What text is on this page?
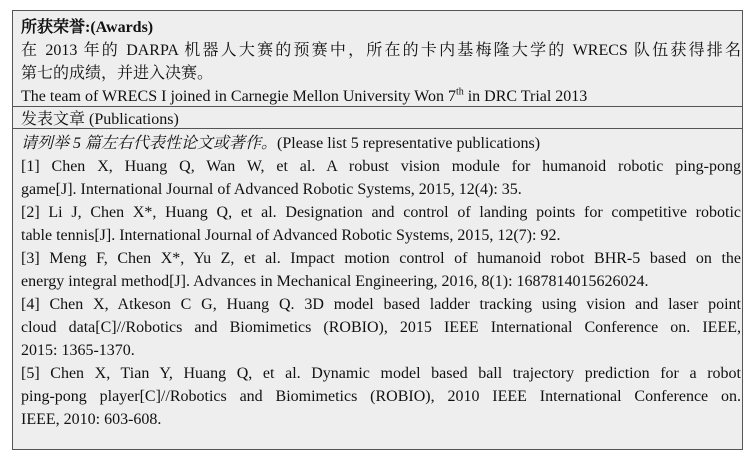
所获荣誉:(Awards)
在 2013 年的 DARPA 机器人大赛的预赛中，所在的卡内基梅隆大学的 WRECS 队伍获得排名
第七的成绩，并进入决赛。
The team of WRECS I joined in Carnegie Mellon University Won 7th in DRC Trial 2013
发表文章 (Publications)
请列举 5 篇左右代表性论文或著作。(Please list 5 representative publications)
[1] Chen X, Huang Q, Wan W, et al. A robust vision module for humanoid robotic ping-pong
game[J]. International Journal of Advanced Robotic Systems, 2015, 12(4): 35.
[2] Li J, Chen X*, Huang Q, et al. Designation and control of landing points for competitive robotic
table tennis[J]. International Journal of Advanced Robotic Systems, 2015, 12(7): 92.
[3] Meng F, Chen X*, Yu Z, et al. Impact motion control of humanoid robot BHR-5 based on the
energy integral method[J]. Advances in Mechanical Engineering, 2016, 8(1): 1687814015626024.
[4] Chen X, Atkeson C G, Huang Q. 3D model based ladder tracking using vision and laser point
cloud data[C]//Robotics and Biomimetics (ROBIO), 2015 IEEE International Conference on. IEEE,
2015: 1365-1370.
[5] Chen X, Tian Y, Huang Q, et al. Dynamic model based ball trajectory prediction for a robot
ping-pong player[C]//Robotics and Biomimetics (ROBIO), 2010 IEEE International Conference on.
IEEE, 2010: 603-608.
